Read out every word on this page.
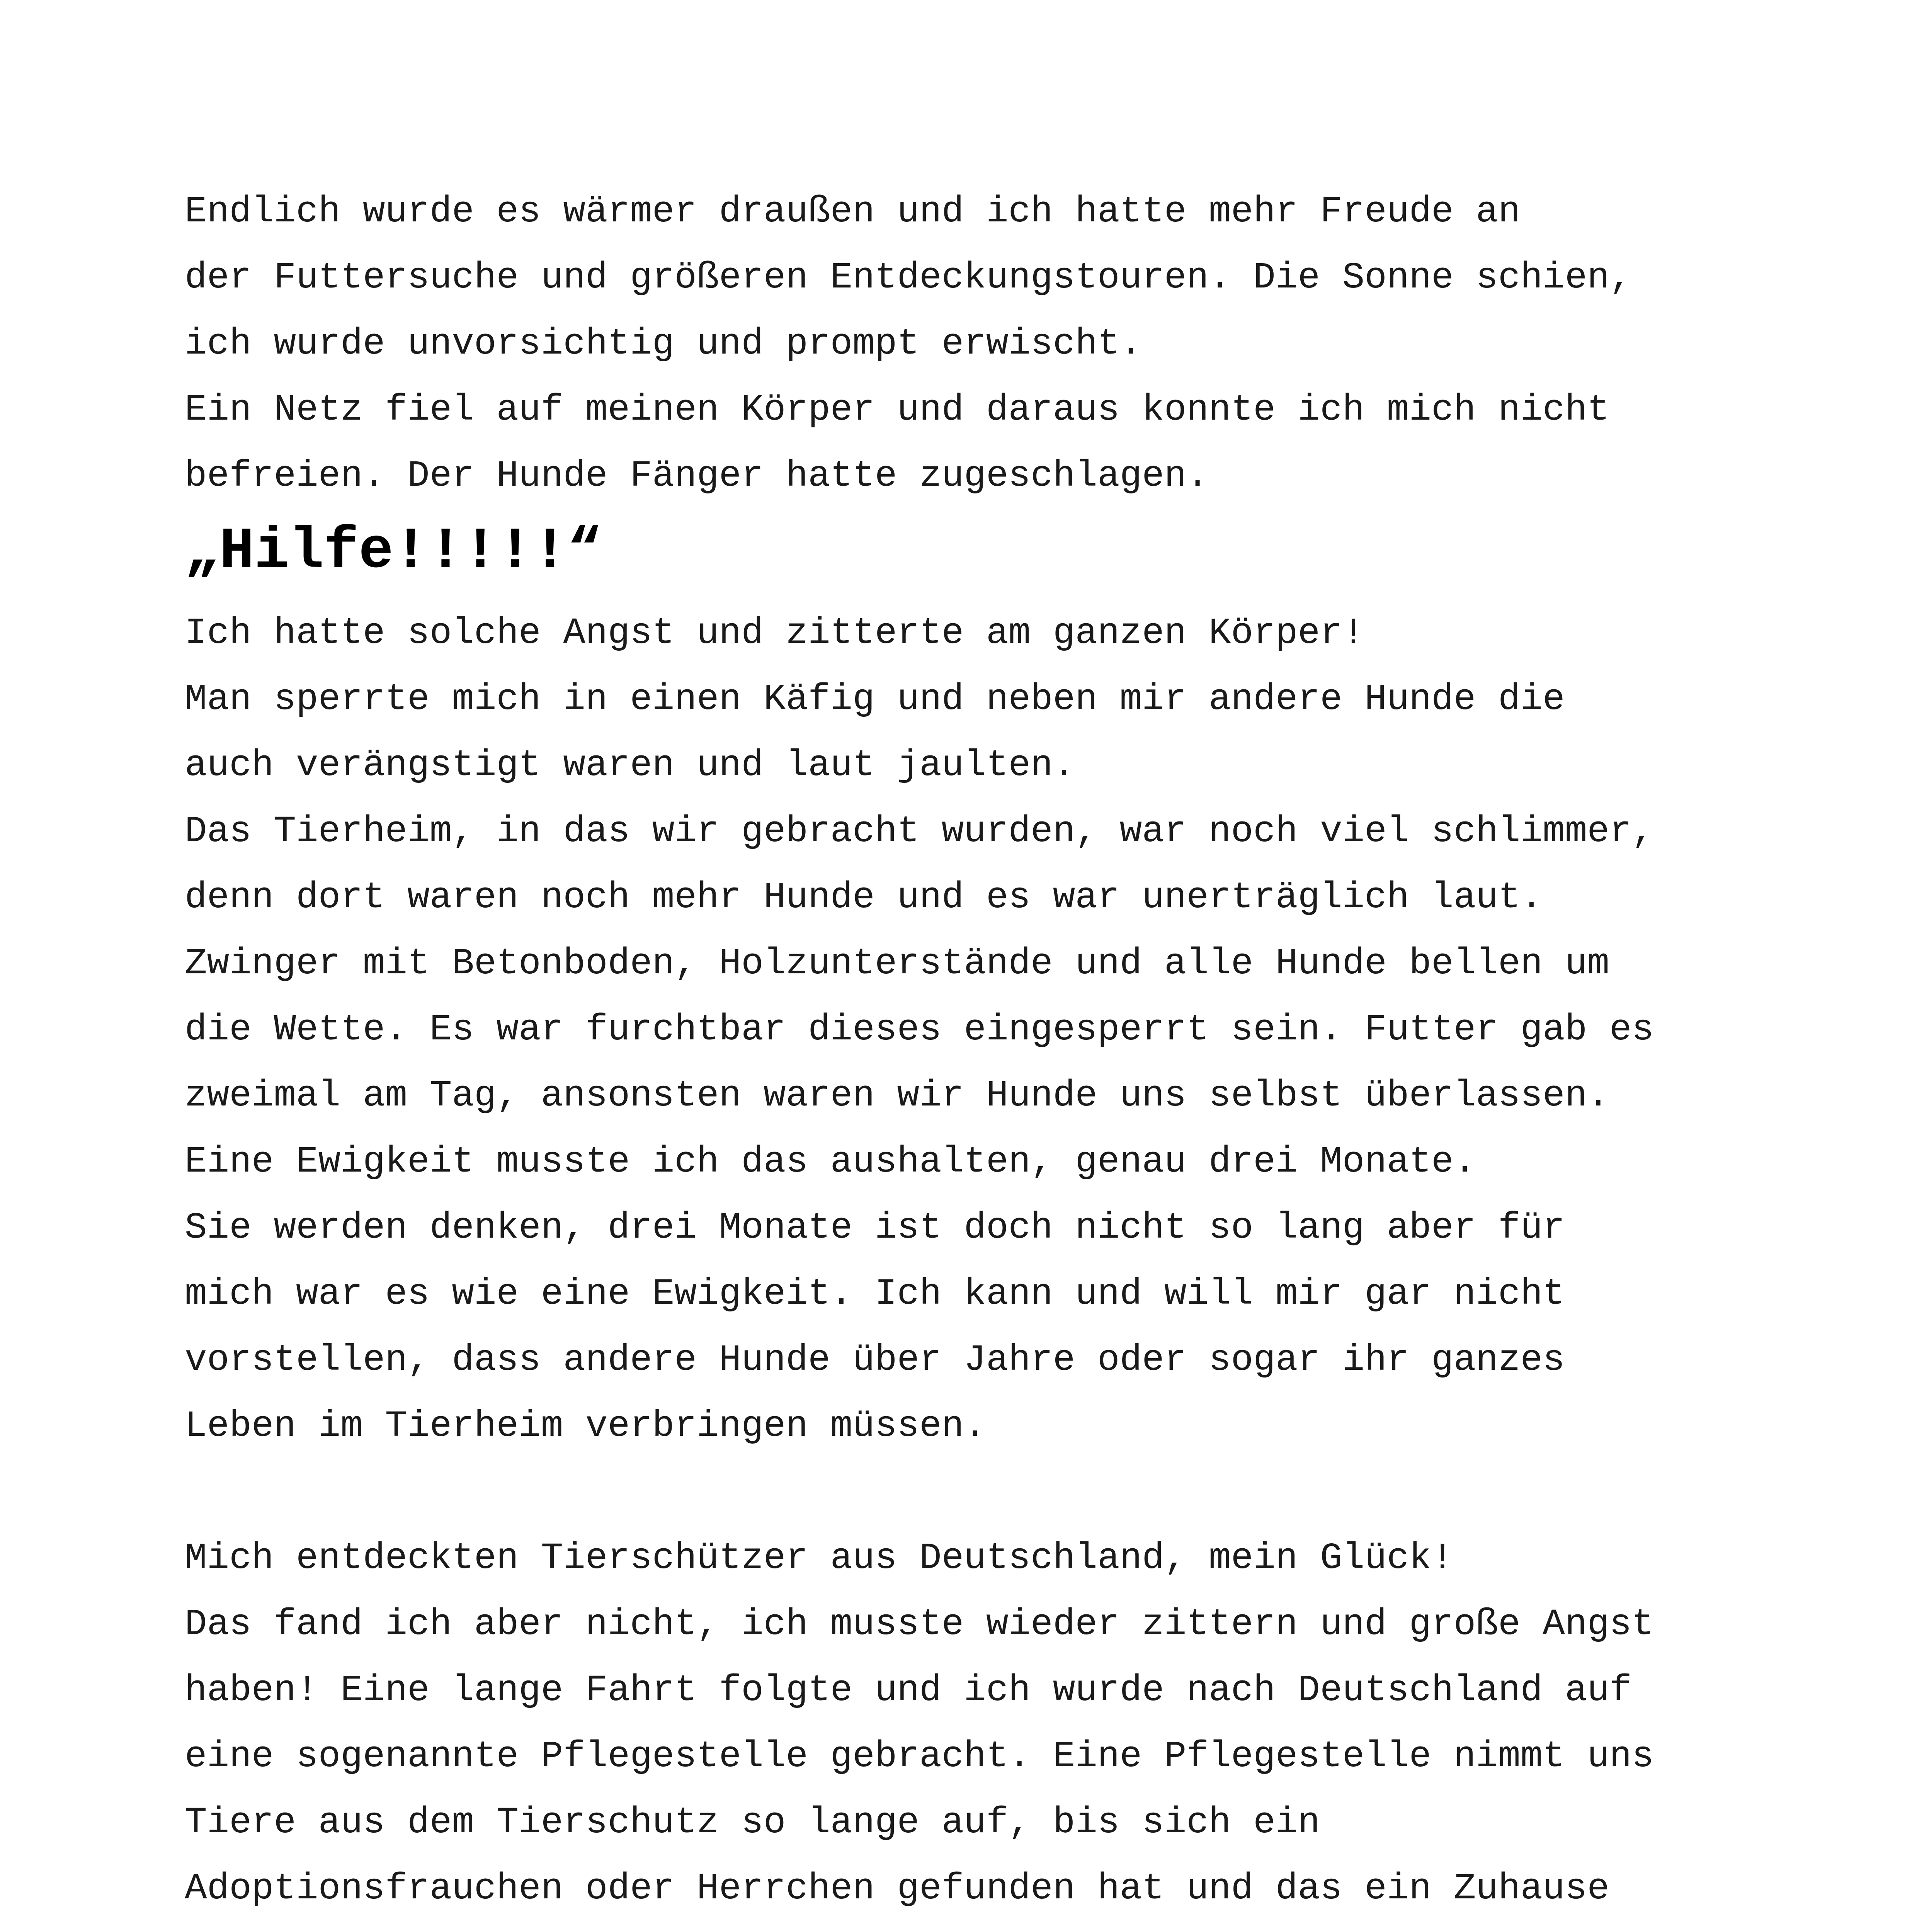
Endlich wurde es wärmer draußen und ich hatte mehr Freude an
der Futtersuche und größeren Entdeckungstouren. Die Sonne schien,
ich wurde unvorsichtig und prompt erwischt.
Ein Netz fiel auf meinen Körper und daraus konnte ich mich nicht
befreien. Der Hunde Fänger hatte zugeschlagen.
„Hilfe!!!!!“
Ich hatte solche Angst und zitterte am ganzen Körper!
Man sperrte mich in einen Käfig und neben mir andere Hunde die
auch verängstigt waren und laut jaulten.
Das Tierheim, in das wir gebracht wurden, war noch viel schlimmer,
denn dort waren noch mehr Hunde und es war unerträglich laut.
Zwinger mit Betonboden, Holzunterstände und alle Hunde bellen um
die Wette. Es war furchtbar dieses eingesperrt sein. Futter gab es
zweimal am Tag, ansonsten waren wir Hunde uns selbst überlassen.
Eine Ewigkeit musste ich das aushalten, genau drei Monate.
Sie werden denken, drei Monate ist doch nicht so lang aber für
mich war es wie eine Ewigkeit. Ich kann und will mir gar nicht
vorstellen, dass andere Hunde über Jahre oder sogar ihr ganzes
Leben im Tierheim verbringen müssen.
Mich entdeckten Tierschützer aus Deutschland, mein Glück!
Das fand ich aber nicht, ich musste wieder zittern und große Angst
haben! Eine lange Fahrt folgte und ich wurde nach Deutschland auf
eine sogenannte Pflegestelle gebracht. Eine Pflegestelle nimmt uns
Tiere aus dem Tierschutz so lange auf, bis sich ein
Adoptionsfrauchen oder Herrchen gefunden hat und das ein Zuhause
